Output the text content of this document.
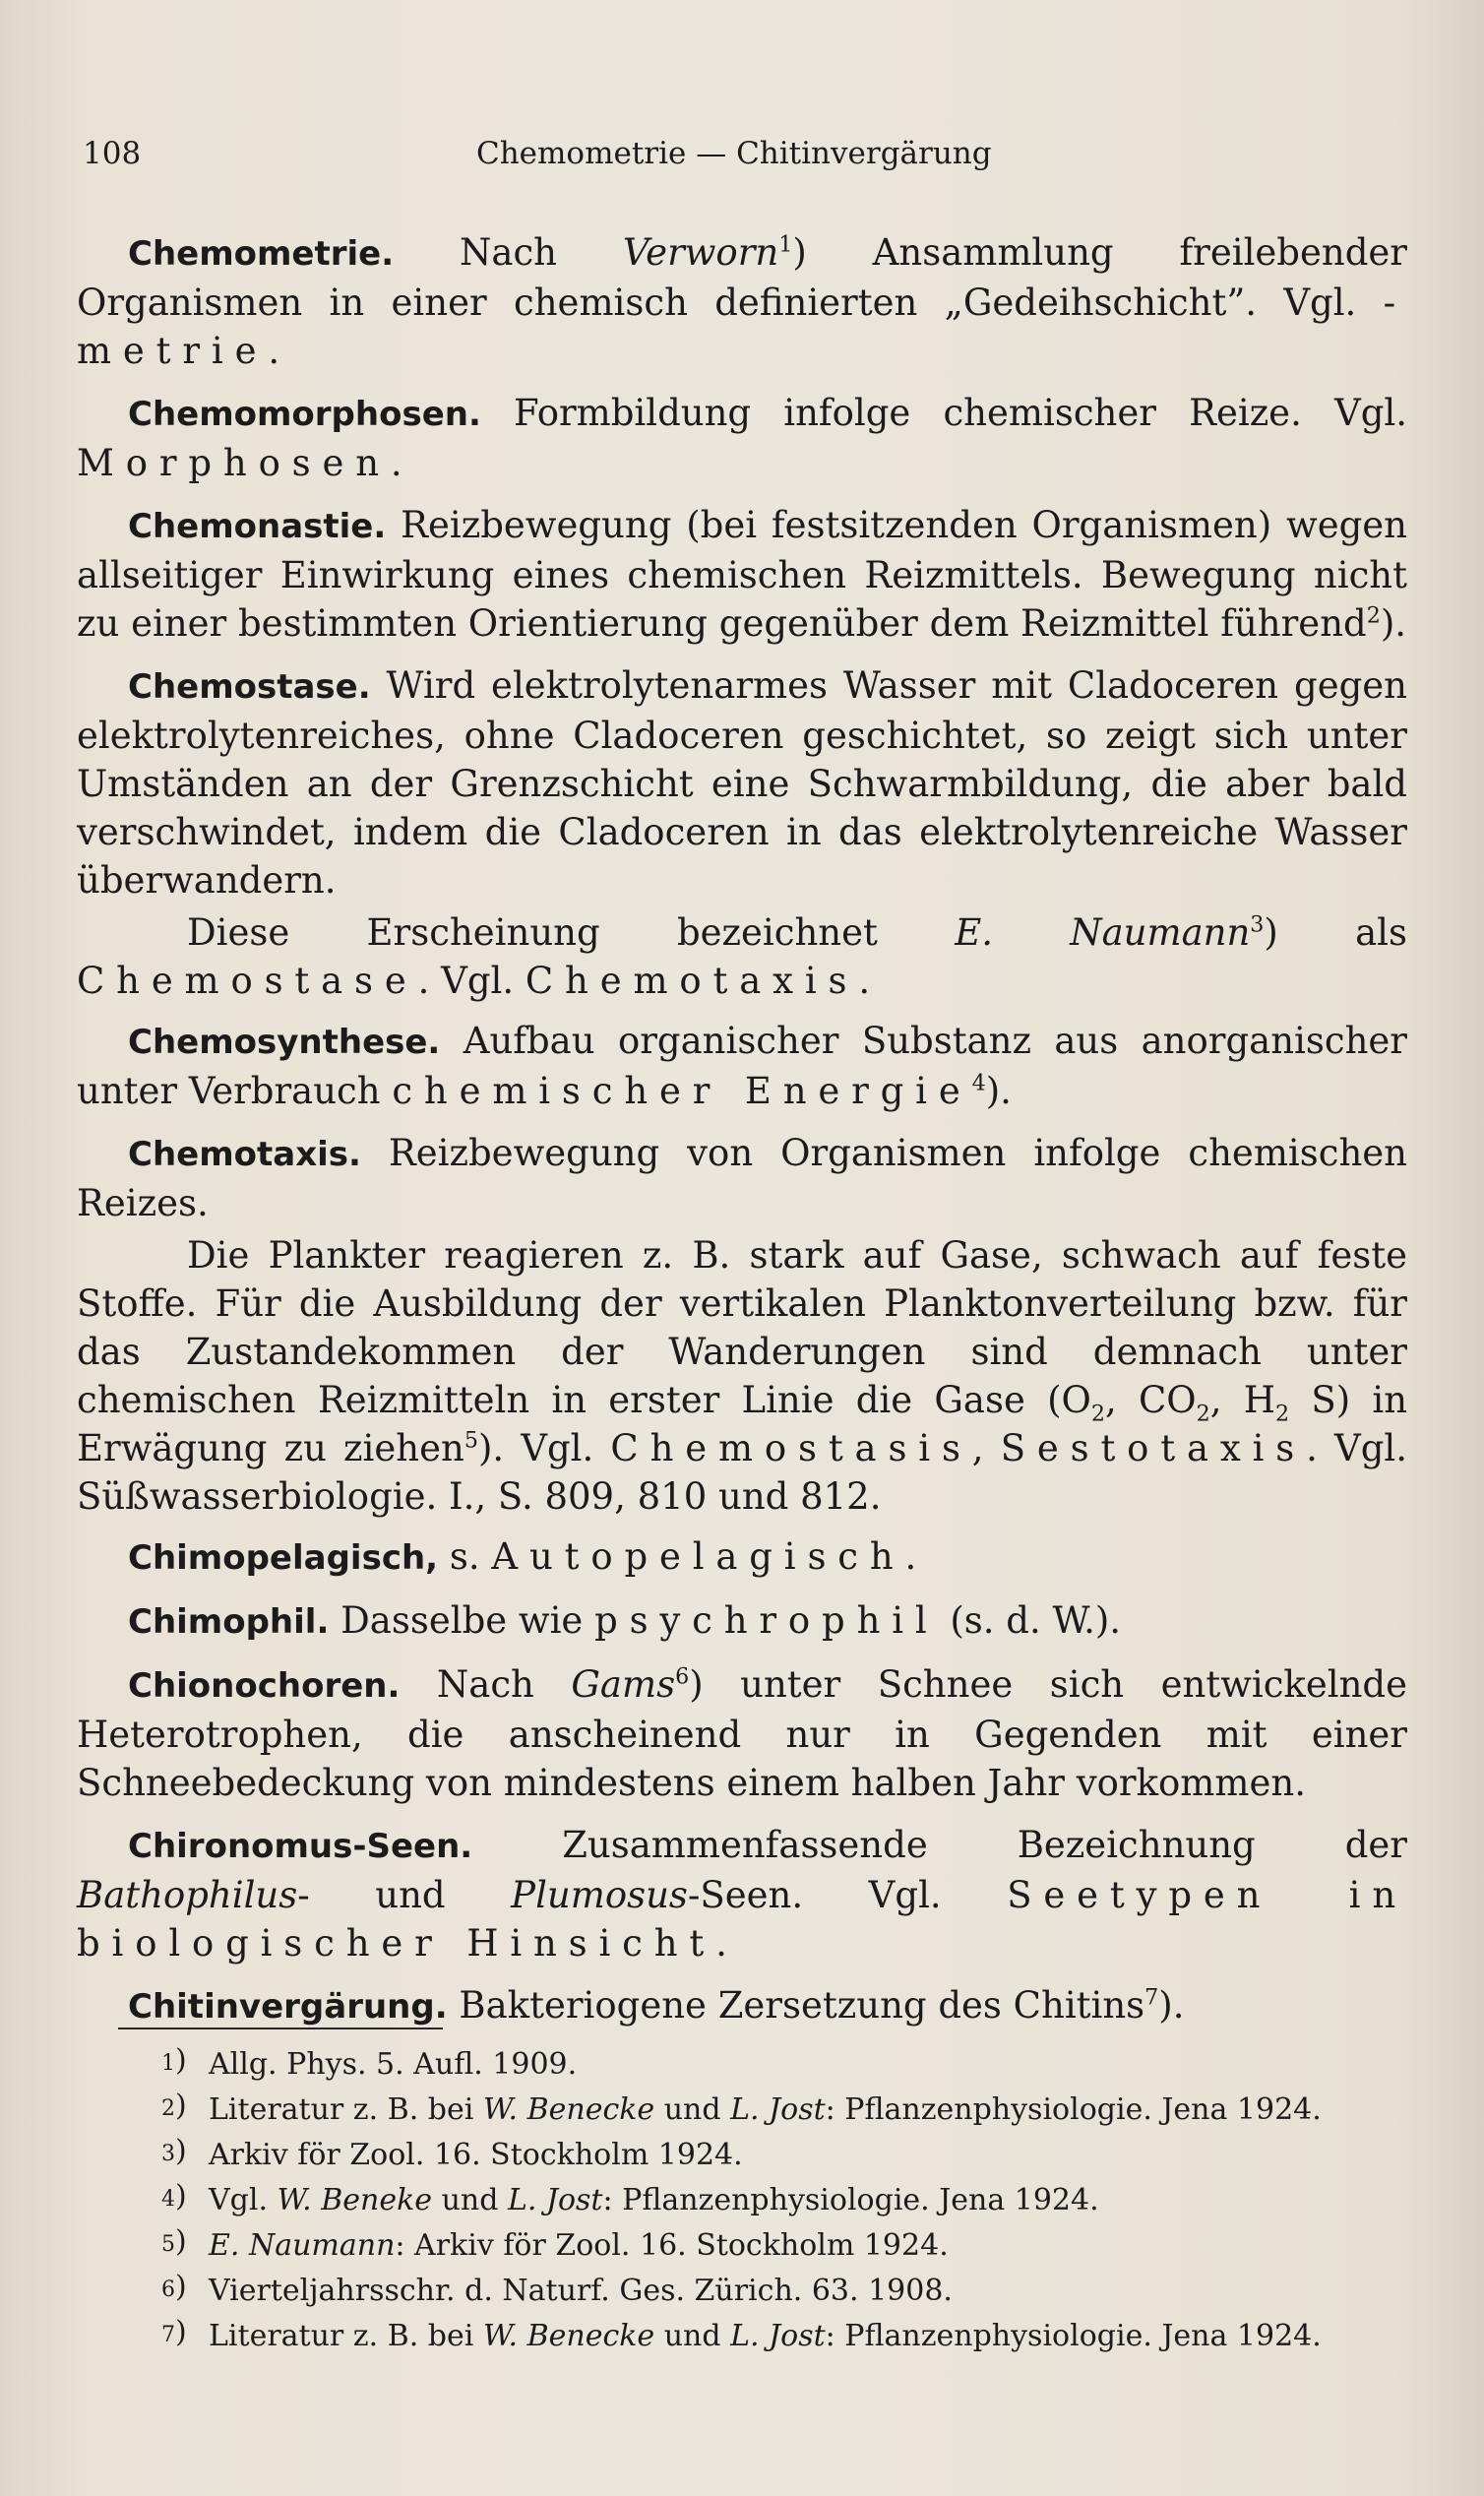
108	Chemometrie — Chitinvergärung

Chemometrie. Nach Verworn$^1$) Ansammlung freilebender Organismen in einer chemisch definierten „Gedeihschicht”. Vgl. -metrie.

Chemomorphosen. Formbildung infolge chemischer Reize. Vgl. Morphosen.

Chemonastie. Reizbewegung (bei festsitzenden Organismen) wegen allseitiger Einwirkung eines chemischen Reizmittels. Bewegung nicht zu einer bestimmten Orientierung gegenüber dem Reizmittel führend$^2$).

Chemostase. Wird elektrolytenarmes Wasser mit Cladoceren gegen elektrolytenreiches, ohne Cladoceren geschichtet, so zeigt sich unter Umständen an der Grenzschicht eine Schwarmbildung, die aber bald verschwindet, indem die Cladoceren in das elektrolytenreiche Wasser überwandern.

Diese Erscheinung bezeichnet E. Naumann$^3$) als Chemostase. Vgl. Chemotaxis.

Chemosynthese. Aufbau organischer Substanz aus anorganischer unter Verbrauch chemischer Energie$^4$).

Chemotaxis. Reizbewegung von Organismen infolge chemischen Reizes.

Die Plankter reagieren z. B. stark auf Gase, schwach auf feste Stoffe. Für die Ausbildung der vertikalen Planktonverteilung bzw. für das Zustandekommen der Wanderungen sind demnach unter chemischen Reizmitteln in erster Linie die Gase ($O_2$, $CO_2$, $H_2$ S) in Erwägung zu ziehen$^5$). Vgl. Chemostasis, Sestotaxis. Vgl. Süßwasserbiologie. I., S. 809, 810 und 812.

Chimopelagisch, s. Autopelagisch.

Chimophil. Dasselbe wie psychrophil (s. d. W.).

Chionochoren. Nach Gams$^6$) unter Schnee sich entwickelnde Heterotrophen, die anscheinend nur in Gegenden mit einer Schneebedeckung von mindestens einem halben Jahr vorkommen.

Chironomus-Seen. Zusammenfassende Bezeichnung der Bathophilus- und Plumosus-Seen. Vgl. Seetypen in biologischer Hinsicht.

Chitinvergärung. Bakteriogene Zersetzung des Chitins$^7$).

1 )	Allg. Phys. 5. Aufl. 1909.
2 )	Literatur z. B. bei W. Benecke und L. Jost: Pflanzenphysiologie. Jena 1924.
3 )	Arkiv för Zool. 16. Stockholm 1924.
4 )	Vgl. W. Beneke und L. Jost: Pflanzenphysiologie. Jena 1924.
5 )	E. Naumann: Arkiv för Zool. 16. Stockholm 1924.
6 )	Vierteljahrsschr. d. Naturf. Ges. Zürich. 63. 1908.
7 )	Literatur z. B. bei W. Benecke und L. Jost: Pflanzenphysiologie. Jena 1924.
